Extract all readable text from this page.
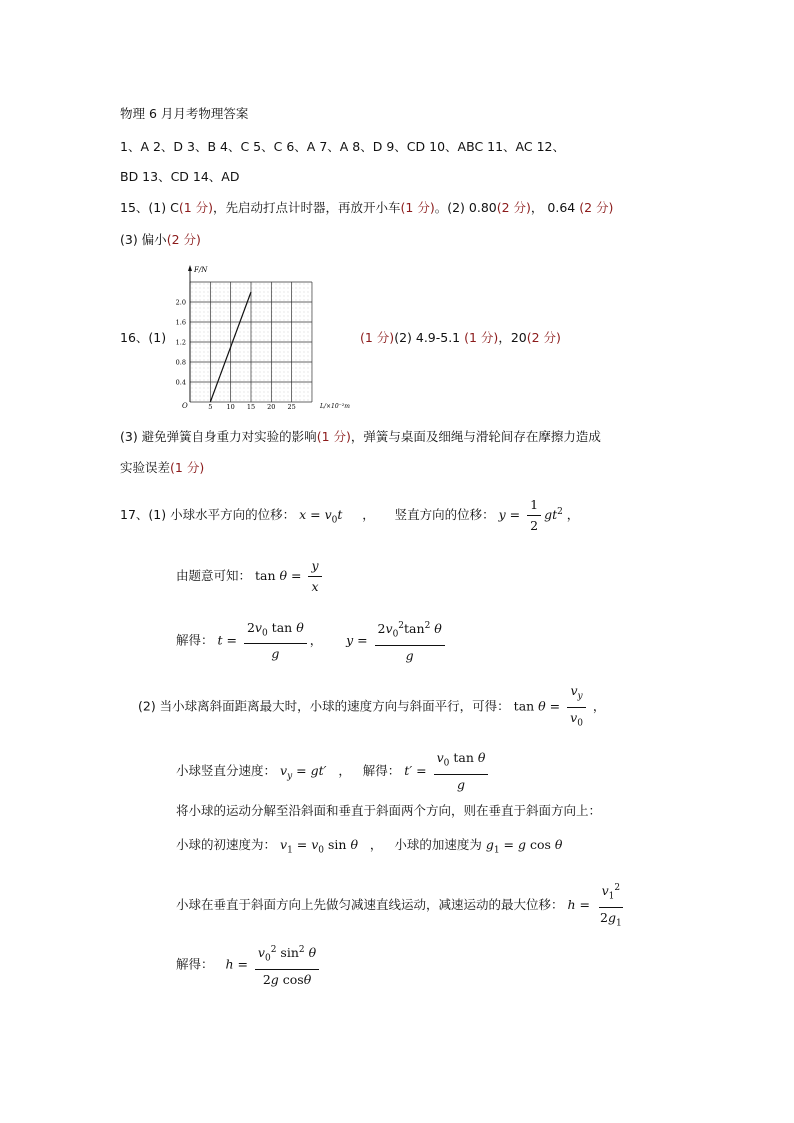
物理 6 月月考物理答案
1、A 2、D 3、B 4、C 5、C 6、A 7、A 8、D 9、CD 10、ABC 11、AC 12、
BD 13、CD 14、AD
15、(1) C(1 分)，先启动打点计时器，再放开小车(1 分)。(2) 0.80(2 分)， 0.64 (2 分)
(3) 偏小(2 分)
16、(1)
F/N
O
0.4
0.8
1.2
1.6
2.0
5 10 15 20 25	L/×10⁻²m
(1 分)(2) 4.9-5.1 (1 分)，20(2 分)
(3) 避免弹簧自身重力对实验的影响(1 分)，弹簧与桌面及细绳与滑轮间存在摩擦力造成
实验误差(1 分)
17、(1) 小球水平方向的位移： $x = v_0t$     ，     竖直方向的位移： $y = \frac{1}{2} gt^2$ ，
由题意可知： $\tan \theta = \frac{y}{x}$
解得： $t = \frac{2v_0 \tan \theta}{g}$ ，      $y = \frac{2v_0^2\tan^2 \theta}{g}$
(2) 当小球离斜面距离最大时，小球的速度方向与斜面平行，可得： $\tan \theta = \frac{v_y}{v_0}$ ，
小球竖直分速度： $v_y = gt'$   ，   解得： $t' = \frac{v_0 \tan \theta}{g}$
将小球的运动分解至沿斜面和垂直于斜面两个方向，则在垂直于斜面方向上：
小球的初速度为： $v_1 = v_0$ sin θ   ，   小球的加速度为 $g_1 = g$ cos θ
小球在垂直于斜面方向上先做匀减速直线运动，减速运动的最大位移： $h = \frac{v_1^2}{2g_1}$
解得： $h = \frac{v_0^2 \sin^2 \theta}{\text{2g cosθ}}$
